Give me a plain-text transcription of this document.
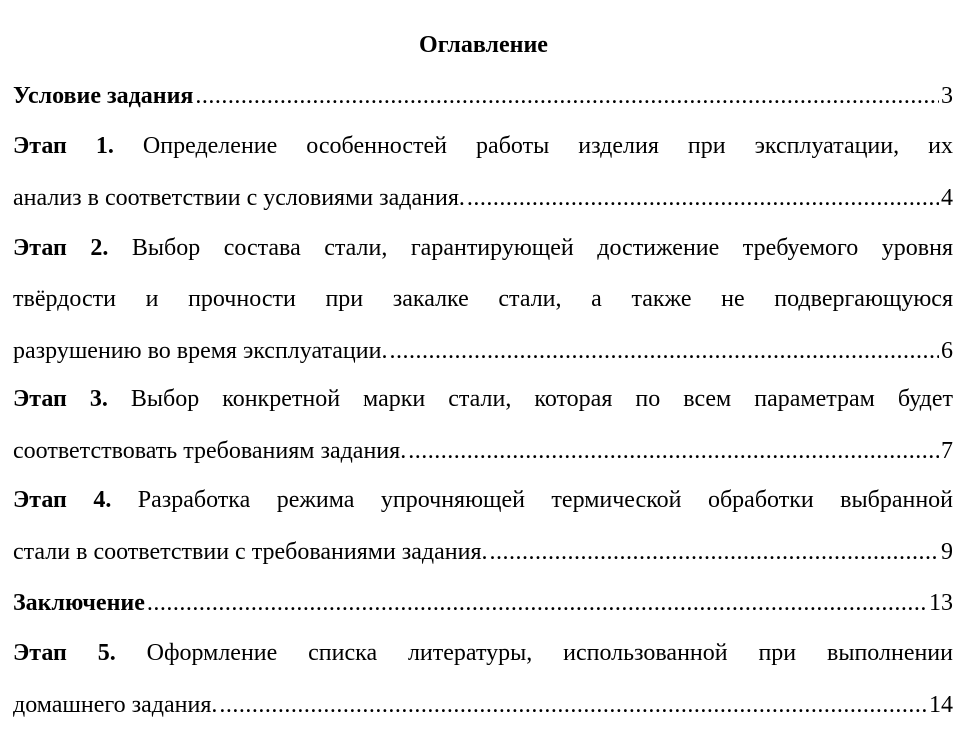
Оглавление
Условие задания .....	3
Этап 1. Определение особенностей работы изделия при эксплуатации, их
анализ в соответствии с условиями задания. .....	4
Этап 2. Выбор состава стали, гарантирующей достижение требуемого уровня
твёрдости и прочности при закалке стали, а также не подвергающуюся
разрушению во время эксплуатации. .....	6
Этап 3. Выбор конкретной марки стали, которая по всем параметрам будет
соответствовать требованиям задания. .....	7
Этап 4. Разработка режима упрочняющей термической обработки выбранной
стали в соответствии с требованиями задания. .....	9
Заключение .....	13
Этап 5. Оформление списка литературы, использованной при выполнении
домашнего задания. .....	14
